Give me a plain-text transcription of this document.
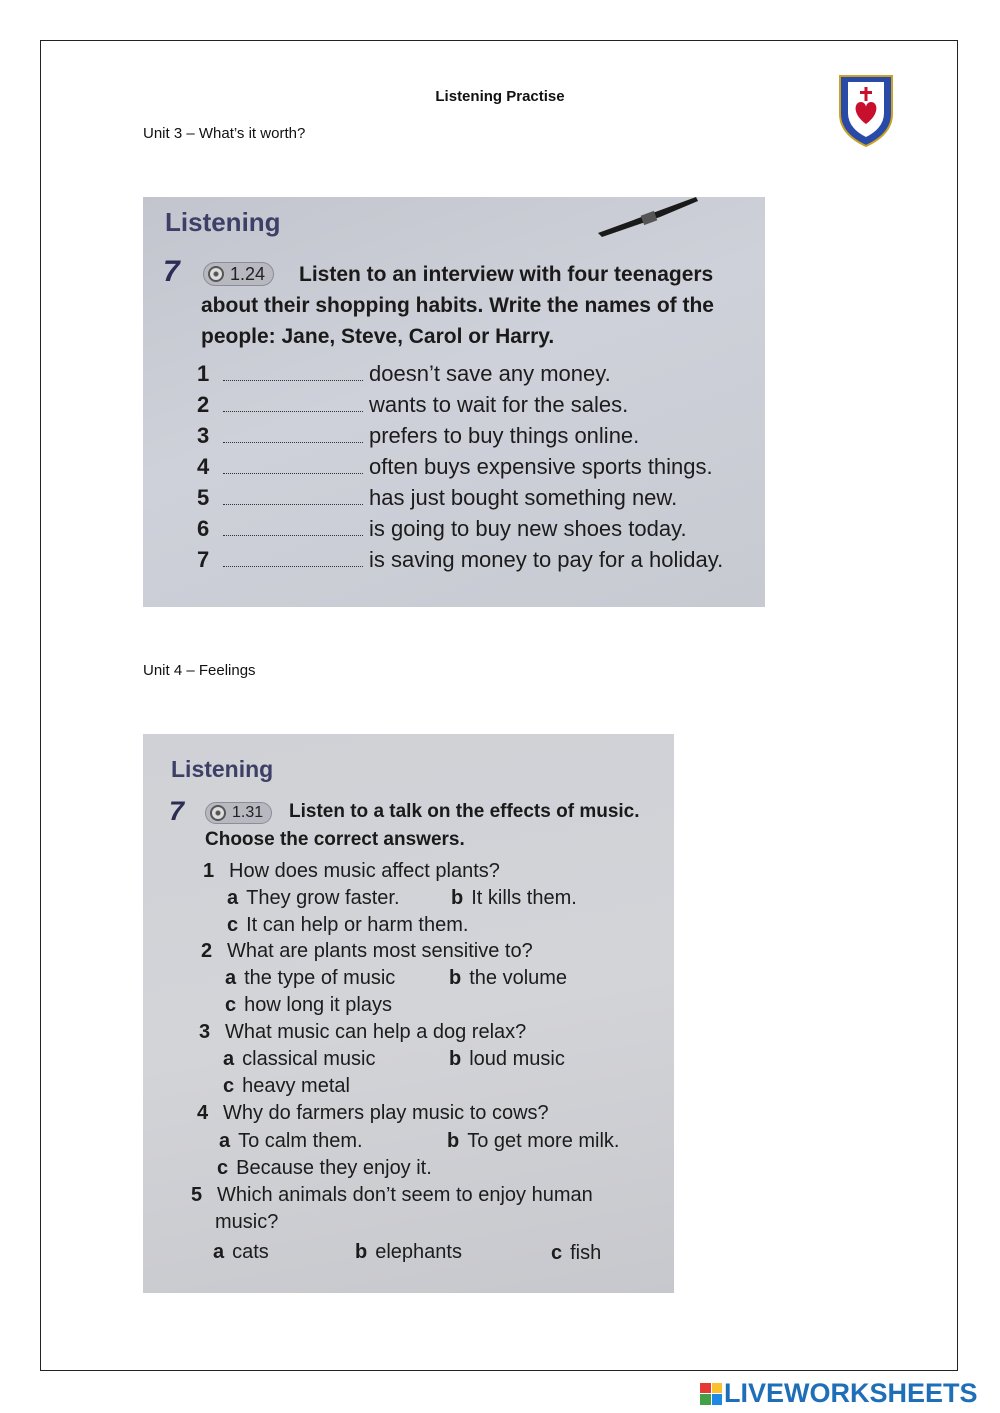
Listening Practise
Unit 3 – What’s it worth?
Listening
7	1.24 Listen to an interview with four teenagers
about their shopping habits. Write the names of the
people: Jane, Steve, Carol or Harry.
1	doesn’t save any money.
2	wants to wait for the sales.
3	prefers to buy things online.
4	often buys expensive sports things.
5	has just bought something new.
6	is going to buy new shoes today.
7	is saving money to pay for a holiday.
Unit 4 – Feelings
Listening
7	1.31 Listen to a talk on the effects of music.
Choose the correct answers.
1 How does music affect plants?
a They grow faster.	b It kills them.
c It can help or harm them.
2 What are plants most sensitive to?
a the type of music	b the volume
c how long it plays
3 What music can help a dog relax?
a classical music	b loud music
c heavy metal
4 Why do farmers play music to cows?
a To calm them.	b To get more milk.
c Because they enjoy it.
5 Which animals don’t seem to enjoy human
music?
a cats	b elephants	c fish
LIVEWORKSHEETS
